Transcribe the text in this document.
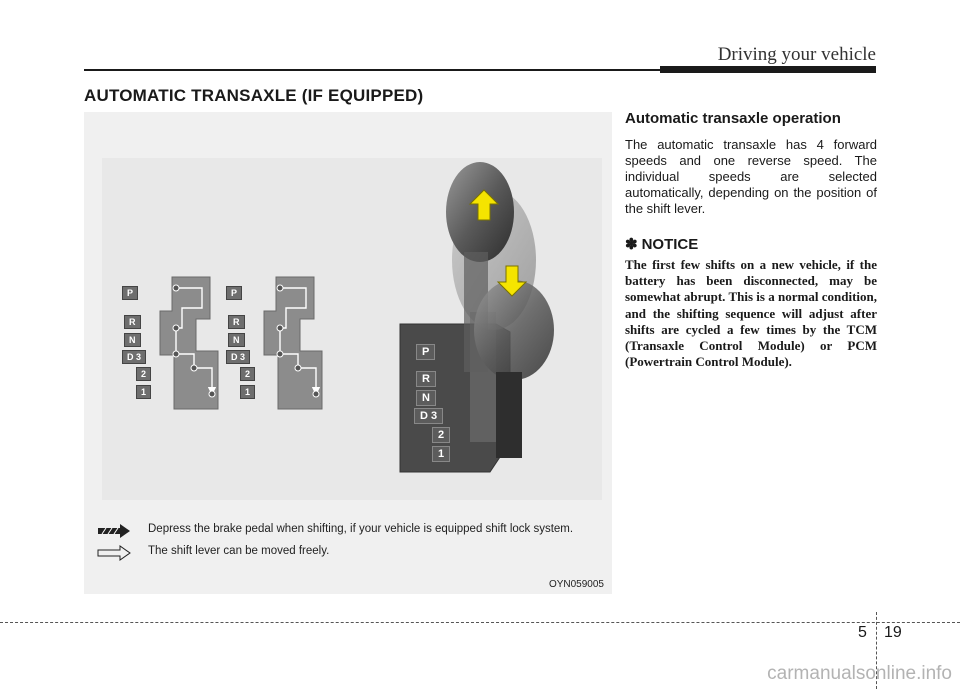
Driving your vehicle
AUTOMATIC TRANSAXLE (IF EQUIPPED)
P
R
N
D 3
2
1
P
R
N
D 3
2
1
P
R
N
D 3
2
1
Depress the brake pedal when shifting, if your vehicle is equipped shift lock system.
The shift lever can be moved freely.
OYN059005

Automatic transaxle operation

The automatic transaxle has 4 forward speeds and one reverse speed. The individual speeds are selected automatically, depending on the position of the shift lever.

✽ NOTICE

The first few shifts on a new vehicle, if the battery has been disconnected, may be somewhat abrupt. This is a normal condition, and the shifting sequence will adjust after shifts are cycled a few times by the TCM (Transaxle Control Module) or PCM (Powertrain Control Module).

5 19
carmanualsonline.info
